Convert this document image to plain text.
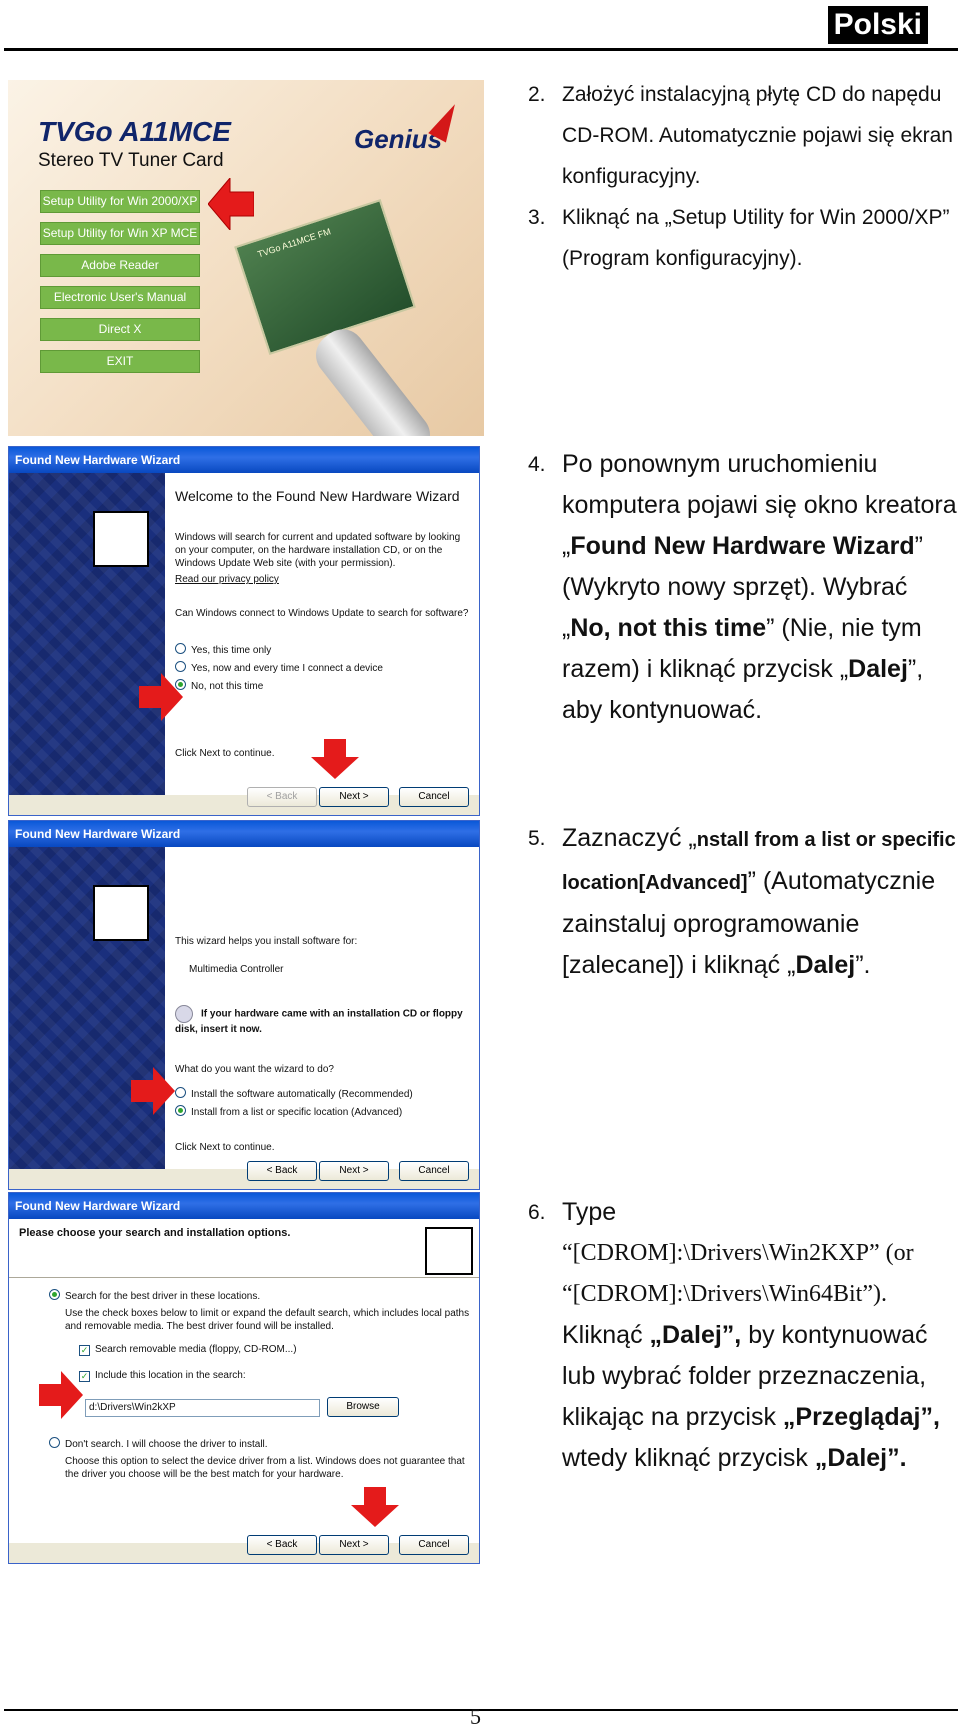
Polski
TVGo A11MCE
Stereo TV Tuner Card
Genius
Setup Utility for Win 2000/XP
Setup Utility for Win XP MCE
Adobe Reader
Electronic User's Manual
Direct X
EXIT
TVGo A11MCE FM
2. Założyć instalacyjną płytę CD do napędu CD-ROM. Automatycznie pojawi się ekran konfiguracyjny.
3. Kliknąć na „Setup Utility for Win 2000/XP” (Program konfiguracyjny).
Found New Hardware Wizard

Welcome to the Found New Hardware Wizard

Windows will search for current and updated software by looking on your computer, on the hardware installation CD, or on the Windows Update Web site (with your permission).

Read our privacy policy

Can Windows connect to Windows Update to search for software?

Yes, this time only

Yes, now and every time I connect a device

No, not this time

Click Next to continue.

< Back	Next >	Cancel
4. Po ponownym uruchomieniu komputera pojawi się okno kreatora „Found New Hardware Wizard” (Wykryto nowy sprzęt). Wybrać „No, not this time” (Nie, nie tym razem) i kliknąć przycisk „Dalej”, aby kontynuować.
Found New Hardware Wizard

This wizard helps you install software for:

Multimedia Controller

If your hardware came with an installation CD or floppy disk, insert it now.

What do you want the wizard to do?

Install the software automatically (Recommended)

Install from a list or specific location (Advanced)

Click Next to continue.

< Back	Next >	Cancel
5. Zaznaczyć „nstall from a list or specific location[Advanced]” (Automatycznie zainstaluj oprogramowanie [zalecane]) i kliknąć „Dalej”.
Found New Hardware Wizard

Please choose your search and installation options.

Search for the best driver in these locations.

Use the check boxes below to limit or expand the default search, which includes local paths and removable media. The best driver found will be installed.

✓ Search removable media (floppy, CD-ROM...)

✓ Include this location in the search:

d:\Drivers\Win2kXP	Browse

Don't search. I will choose the driver to install.

Choose this option to select the device driver from a list. Windows does not guarantee that the driver you choose will be the best match for your hardware.

< Back	Next >	Cancel
6. Type
“[CDROM]:\Drivers\Win2KXP” (or “[CDROM]:\Drivers\Win64Bit”).
Kliknąć „Dalej”, by kontynuować lub wybrać folder przeznaczenia, klikając na przycisk „Przeglądaj”, wtedy kliknąć przycisk „Dalej”.
5
